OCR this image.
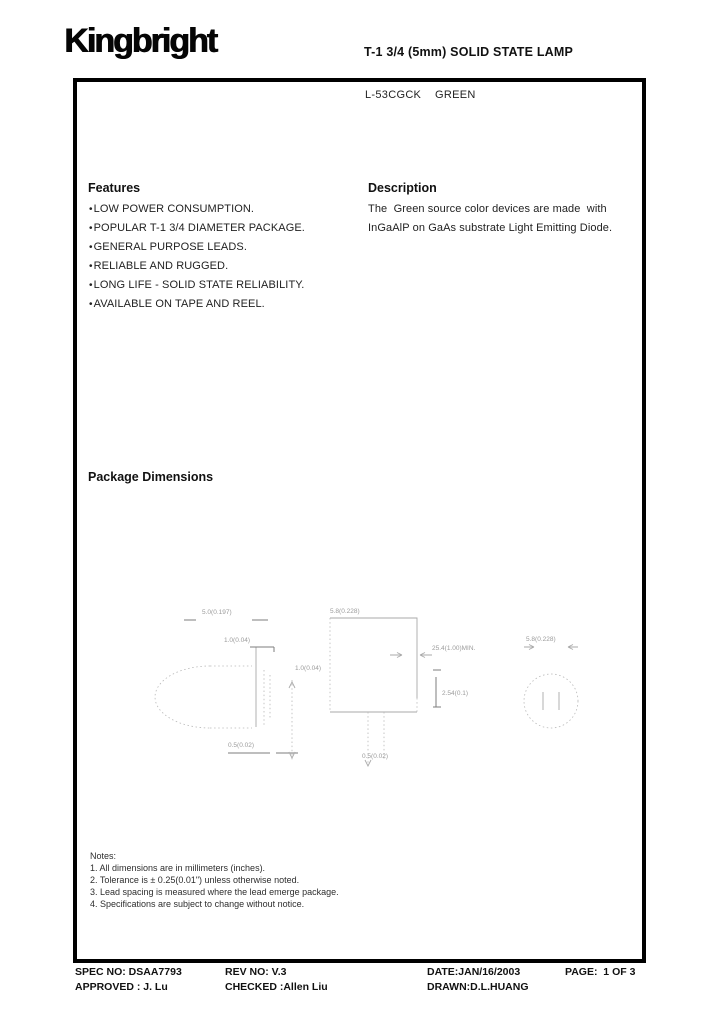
Kingbright	T-1 3/4 (5mm) SOLID STATE LAMP
L-53CGCK GREEN
Features
• LOW POWER CONSUMPTION.
• POPULAR T-1 3/4 DIAMETER PACKAGE.
• GENERAL PURPOSE LEADS.
• RELIABLE AND RUGGED.
• LONG LIFE - SOLID STATE RELIABILITY.
• AVAILABLE ON TAPE AND REEL.
Description
The  Green source color devices are made  with
InGaAlP on GaAs substrate Light Emitting Diode.
Package Dimensions
5.0(0.197)
1.0(0.04)
0.5(0.02)
5.8(0.228)
1.0(0.04)
0.5(0.02)
25.4(1.00)MIN.
2.54(0.1)
5.8(0.228)
Notes:
1. All dimensions are in millimeters (inches).
2. Tolerance is ± 0.25(0.01") unless otherwise noted.
3. Lead spacing is measured where the lead emerge package.
4. Specifications are subject to change without notice.
SPEC NO: DSAA7793	REV NO: V.3	DATE:JAN/16/2003	PAGE:  1 OF 3
APPROVED : J. Lu	CHECKED :Allen Liu	DRAWN:D.L.HUANG
